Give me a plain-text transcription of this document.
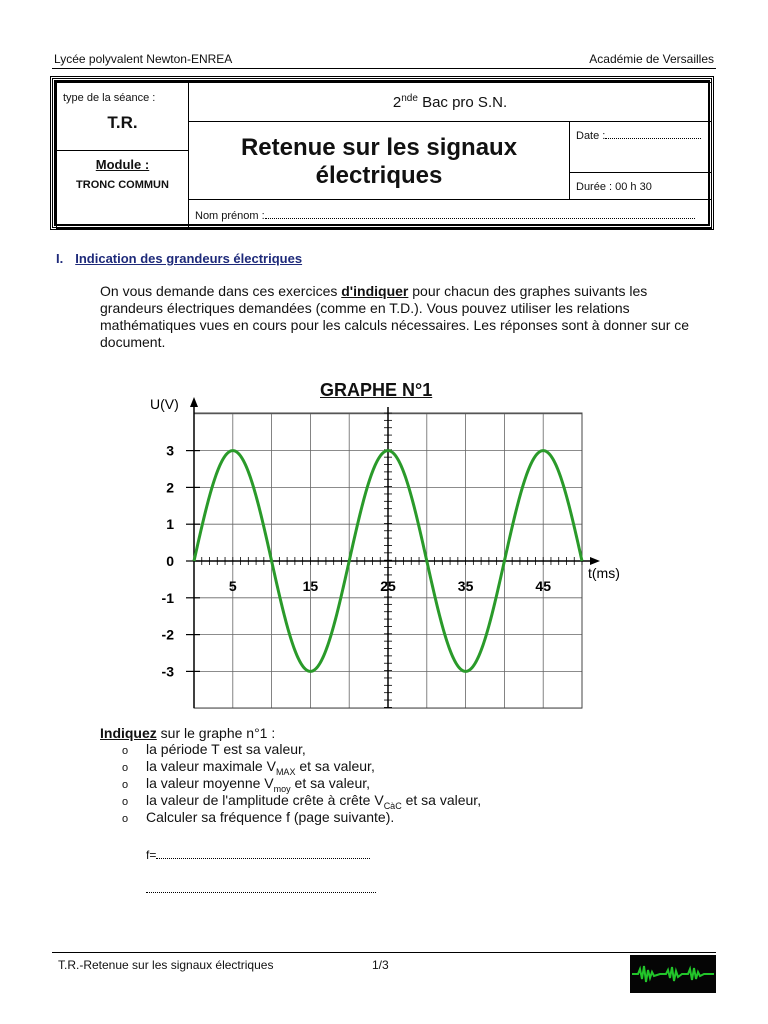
Lycée polyvalent Newton-ENREA	Académie de Versailles
type de la séance :
T.R.
Module :
TRONC COMMUN
2nde Bac pro S.N.
Retenue sur les signaux
électriques
Date :
Durée : 00 h 30
Nom prénom :
I. Indication des grandeurs électriques
On vous demande dans ces exercices d'indiquer pour chacun des graphes suivants les grandeurs électriques demandées (comme en T.D.). Vous pouvez utiliser les relations mathématiques vues en cours pour les calculs nécessaires. Les réponses sont à donner sur ce document.
GRAPHE N°1
3
2
1
0
-1
-2
-3
5	15	25	35	45
U(V)
t(ms)
Indiquez sur le graphe n°1 :
o la période T est sa valeur,
o la valeur maximale $V_{MAX}$ et sa valeur,
o la valeur moyenne $V_{moy}$ et sa valeur,
o la valeur de l'amplitude crête à crête $V_{CàC}$ et sa valeur,
o Calculer sa fréquence f (page suivante).
f=
T.R.-Retenue sur les signaux électriques	1/3
